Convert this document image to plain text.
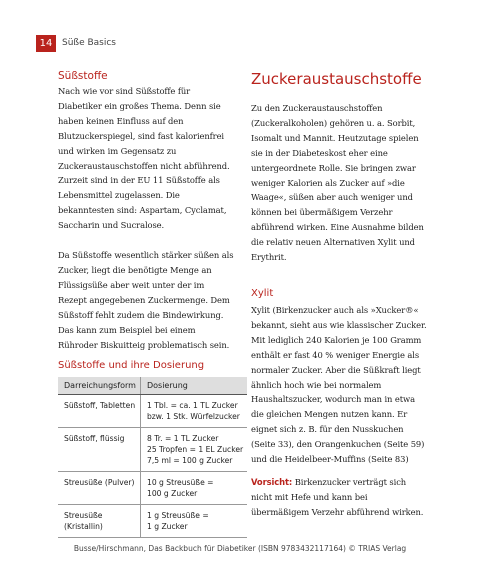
14	Süße Basics
Süßstoffe

Nach wie vor sind Süßstoffe für Diabetiker ein großes Thema. Denn sie haben keinen Einfluss auf den Blutzuckerspiegel, sind fast kalorienfrei und wirken im Gegensatz zu Zuckeraustauschstoffen nicht abführend. Zurzeit sind in der EU 11 Süßstoffe als Lebensmittel zugelassen. Die bekanntesten sind: Aspartam, Cyclamat, Saccharin und Sucralose.

Da Süßstoffe wesentlich stärker süßen als Zucker, liegt die benötigte Menge an Flüssigsüße aber weit unter der im Rezept angegebenen Zuckermenge. Dem Süßstoff fehlt zudem die Bindewirkung. Das kann zum Beispiel bei einem Rühroder Biskuitteig problematisch sein.

Süßstoffe und ihre Dosierung
Darreichungsform	Dosierung
Süßstoff, Tabletten	1 Tbl. = ca. 1 TL Zucker
bzw. 1 Stk. Würfelzucker

Süßstoff, flüssig	8 Tr. = 1 TL Zucker
25 Tropfen = 1 EL Zucker
7,5 ml = 100 g Zucker

Streusüße (Pulver)	10 g Streusüße =
100 g Zucker

Streusüße (Kristallin)	1 g Streusüße =
1 g Zucker
Zuckeraustauschstoffe

Zu den Zuckeraustauschstoffen (Zuckeralkoholen) gehören u. a. Sorbit, Isomalt und Mannit. Heutzutage spielen sie in der Diabeteskost eher eine untergeordnete Rolle. Sie bringen zwar weniger Kalorien als Zucker auf »die Waage«, süßen aber auch weniger und können bei übermäßigem Verzehr abführend wirken. Eine Ausnahme bilden die relativ neuen Alternativen Xylit und Erythrit.

Xylit

Xylit (Birkenzucker auch als »Xucker®« bekannt, sieht aus wie klassischer Zucker. Mit lediglich 240 Kalorien je 100 Gramm enthält er fast 40 % weniger Energie als normaler Zucker. Aber die Süßkraft liegt ähnlich hoch wie bei normalem Haushaltszucker, wodurch man in etwa die gleichen Mengen nutzen kann. Er eignet sich z. B. für den Nusskuchen (Seite 33), den Orangenkuchen (Seite 59) und die Heidelbeer-Muffins (Seite 83)

Vorsicht: Birkenzucker verträgt sich nicht mit Hefe und kann bei übermäßigem Verzehr abführend wirken.

Busse/Hirschmann, Das Backbuch für Diabetiker (ISBN 9783432117164) © TRIAS Verlag
